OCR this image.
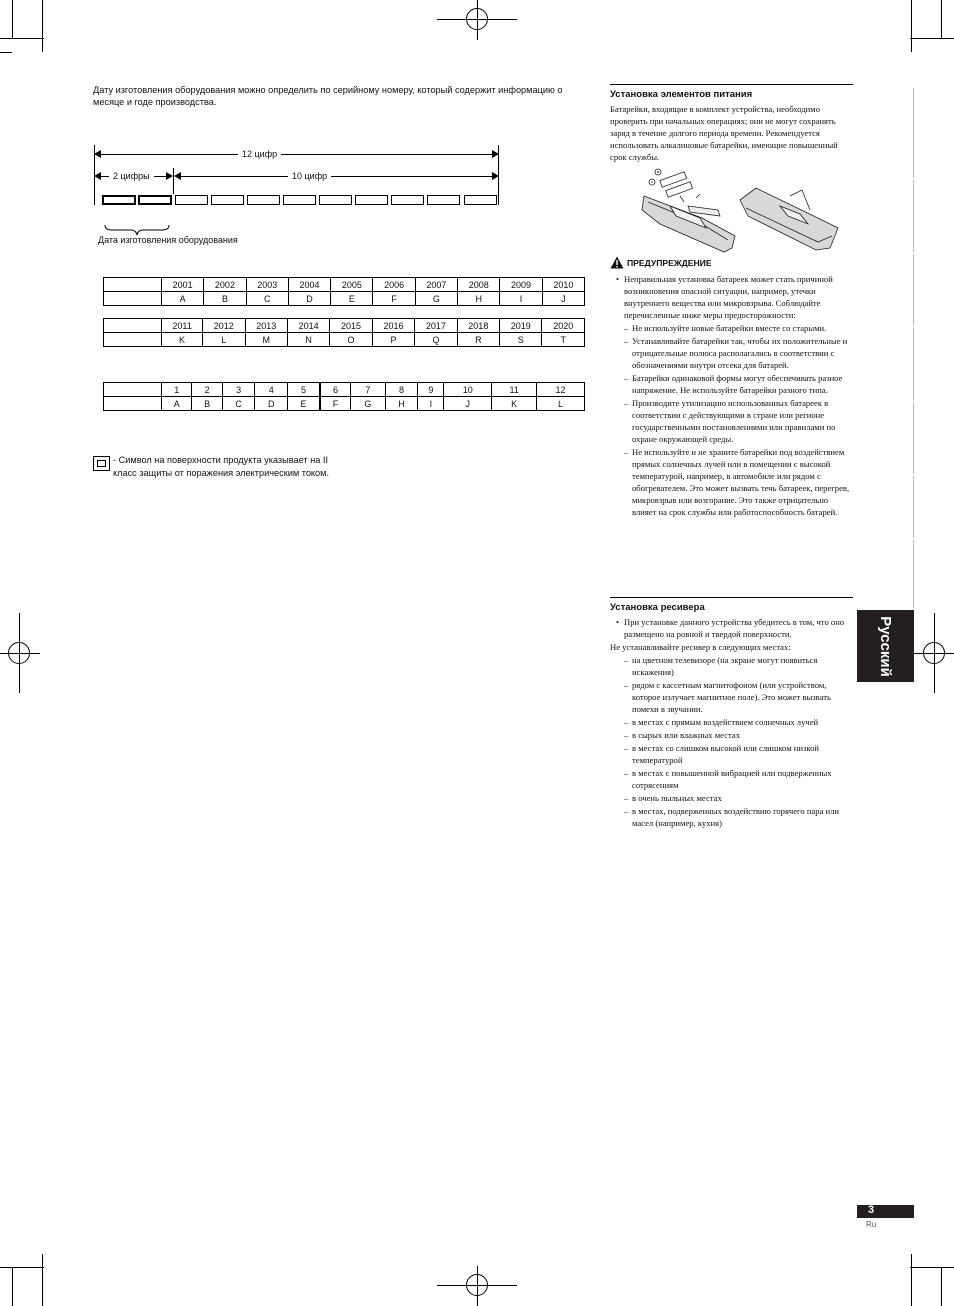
Дату изготовления оборудования можно определить по серийному номеру, который содержит информацию о месяце и годе производства.
12 цифр
2 цифры	10 цифр
Дата изготовления оборудования
	2001	2002	2003	2004	2005	2006	2007	2008	2009	2010
	A	B	C	D	E	F	G	H	I	J
	2011	2012	2013	2014	2015	2016	2017	2018	2019	2020
	K	L	M	N	O	P	Q	R	S	T
	1	2	3	4	5	6	7	8	9	10	11	12
	A	B	C	D	E	F	G	H	I	J	K	L
- Символ на поверхности продукта указывает на II класс защиты от поражения электрическим током.
Установка элементов питания
Батарейки, входящие в комплект устройства, необходимо проверить при начальных операциях; они не могут сохранять заряд в течение долгого периода времени. Рекомендуется использовать алкалиновые батарейки, имеющие повышенный срок службы.
ПРЕДУПРЕЖДЕНИЕ
• Неправильная установка батареек может стать причиной возникновения опасной ситуации, например, утечки внутреннего вещества или микровзрыва. Соблюдайте перечисленные ниже меры предосторожности:
– Не используйте новые батарейки вместе со старыми.
– Устанавливайте батарейки так, чтобы их положительные и отрицательные полюса располагались в соответствии с обозначениями внутри отсека для батарей.
– Батарейки одинаковой формы могут обеспечивать разное напряжение. Не используйте батарейки разного типа.
– Производите утилизацию использованных батареек в соответствии с действующими в стране или регионе государственными постановлениями или правилами по охране окружающей среды.
– Не используйте и не храните батарейки под воздействием прямых солнечных лучей или в помещении с высокой температурой, например, в автомобиле или рядом с обогревателем. Это может вызвать течь батареек, перегрев, микровзрыв или возгорание. Это также отрицательно влияет на срок службы или работоспособность батарей.
Установка ресивера
• При установке данного устройства убедитесь в том, что оно размещено на ровной и твердой поверхности.
Не устанавливайте ресивер в следующих местах:
– на цветном телевизоре (на экране могут появиться искажения)
– рядом с кассетным магнитофоном (или устройством, которое излучает магнитное поле). Это может вызвать помехи в звучании.
– в местах с прямым воздействием солнечных лучей
– в сырых или влажных местах
– в местах со слишком высокой или слишком низкой температурой
– в местах с повышенной вибрацией или подверженных сотрясениям
– в очень пыльных местах
– в местах, подверженных воздействию горячего пара или масел (например, кухня)
Русский
3
Ru
